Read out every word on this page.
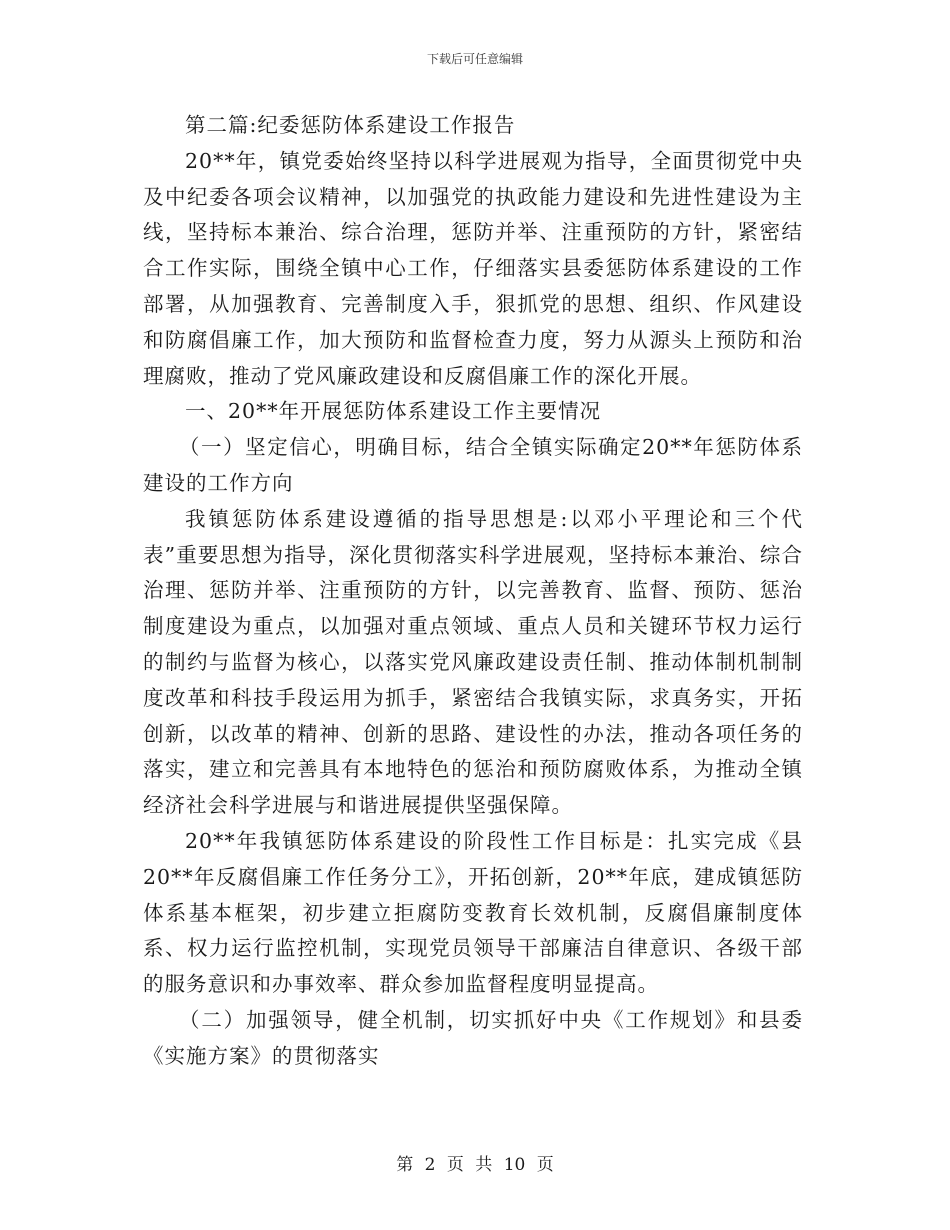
下载后可任意编辑

第二篇:纪委惩防体系建设工作报告

20**年，镇党委始终坚持以科学进展观为指导，全面贯彻党中央及中纪委各项会议精神，以加强党的执政能力建设和先进性建设为主线，坚持标本兼治、综合治理，惩防并举、注重预防的方针，紧密结合工作实际，围绕全镇中心工作，仔细落实县委惩防体系建设的工作部署，从加强教育、完善制度入手，狠抓党的思想、组织、作风建设和防腐倡廉工作，加大预防和监督检查力度，努力从源头上预防和治理腐败，推动了党风廉政建设和反腐倡廉工作的深化开展。

一、20**年开展惩防体系建设工作主要情况

（一）坚定信心，明确目标，结合全镇实际确定20**年惩防体系建设的工作方向

我镇惩防体系建设遵循的指导思想是:以邓小平理论和三个代表”重要思想为指导，深化贯彻落实科学进展观，坚持标本兼治、综合治理、惩防并举、注重预防的方针，以完善教育、监督、预防、惩治制度建设为重点，以加强对重点领域、重点人员和关键环节权力运行的制约与监督为核心，以落实党风廉政建设责任制、推动体制机制制度改革和科技手段运用为抓手，紧密结合我镇实际，求真务实，开拓创新，以改革的精神、创新的思路、建设性的办法，推动各项任务的落实，建立和完善具有本地特色的惩治和预防腐败体系，为推动全镇经济社会科学进展与和谐进展提供坚强保障。

20**年我镇惩防体系建设的阶段性工作目标是：扎实完成《县20**年反腐倡廉工作任务分工》，开拓创新，20**年底，建成镇惩防体系基本框架，初步建立拒腐防变教育长效机制，反腐倡廉制度体系、权力运行监控机制，实现党员领导干部廉洁自律意识、各级干部的服务意识和办事效率、群众参加监督程度明显提高。

（二）加强领导，健全机制，切实抓好中央《工作规划》和县委《实施方案》的贯彻落实

第 2 页 共 10 页
